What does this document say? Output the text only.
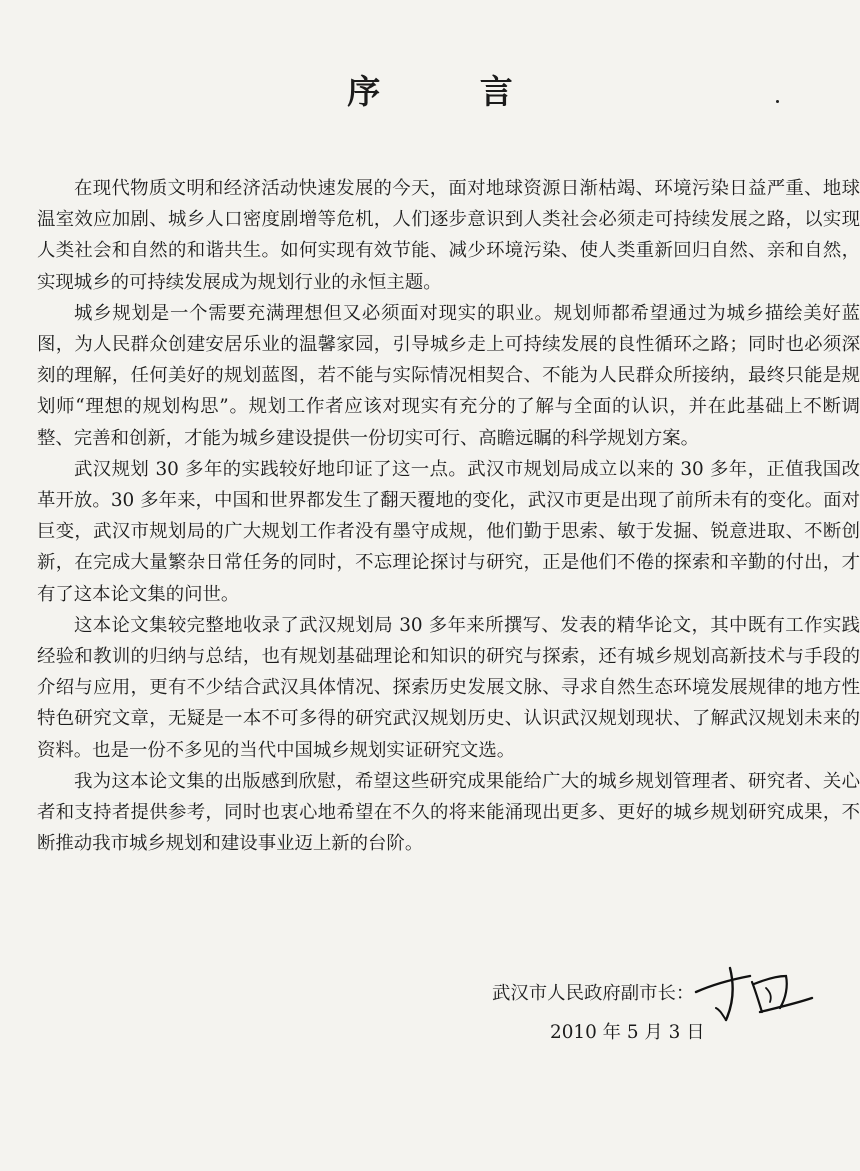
序 言

在现代物质文明和经济活动快速发展的今天，面对地球资源日渐枯竭、环境污染日益严重、地球温室效应加剧、城乡人口密度剧增等危机，人们逐步意识到人类社会必须走可持续发展之路，以实现人类社会和自然的和谐共生。如何实现有效节能、减少环境污染、使人类重新回归自然、亲和自然，实现城乡的可持续发展成为规划行业的永恒主题。

城乡规划是一个需要充满理想但又必须面对现实的职业。规划师都希望通过为城乡描绘美好蓝图，为人民群众创建安居乐业的温馨家园，引导城乡走上可持续发展的良性循环之路；同时也必须深刻的理解，任何美好的规划蓝图，若不能与实际情况相契合、不能为人民群众所接纳，最终只能是规划师“理想的规划构思”。规划工作者应该对现实有充分的了解与全面的认识，并在此基础上不断调整、完善和创新，才能为城乡建设提供一份切实可行、高瞻远瞩的科学规划方案。

武汉规划 30 多年的实践较好地印证了这一点。武汉市规划局成立以来的 30 多年，正值我国改革开放。30 多年来，中国和世界都发生了翻天覆地的变化，武汉市更是出现了前所未有的变化。面对巨变，武汉市规划局的广大规划工作者没有墨守成规，他们勤于思索、敏于发掘、锐意进取、不断创新，在完成大量繁杂日常任务的同时，不忘理论探讨与研究，正是他们不倦的探索和辛勤的付出，才有了这本论文集的问世。

这本论文集较完整地收录了武汉规划局 30 多年来所撰写、发表的精华论文，其中既有工作实践经验和教训的归纳与总结，也有规划基础理论和知识的研究与探索，还有城乡规划高新技术与手段的介绍与应用，更有不少结合武汉具体情况、探索历史发展文脉、寻求自然生态环境发展规律的地方性特色研究文章，无疑是一本不可多得的研究武汉规划历史、认识武汉规划现状、了解武汉规划未来的资料。也是一份不多见的当代中国城乡规划实证研究文选。

我为这本论文集的出版感到欣慰，希望这些研究成果能给广大的城乡规划管理者、研究者、关心者和支持者提供参考，同时也衷心地希望在不久的将来能涌现出更多、更好的城乡规划研究成果，不断推动我市城乡规划和建设事业迈上新的台阶。

武汉市人民政府副市长：
2010 年 5 月 3 日
